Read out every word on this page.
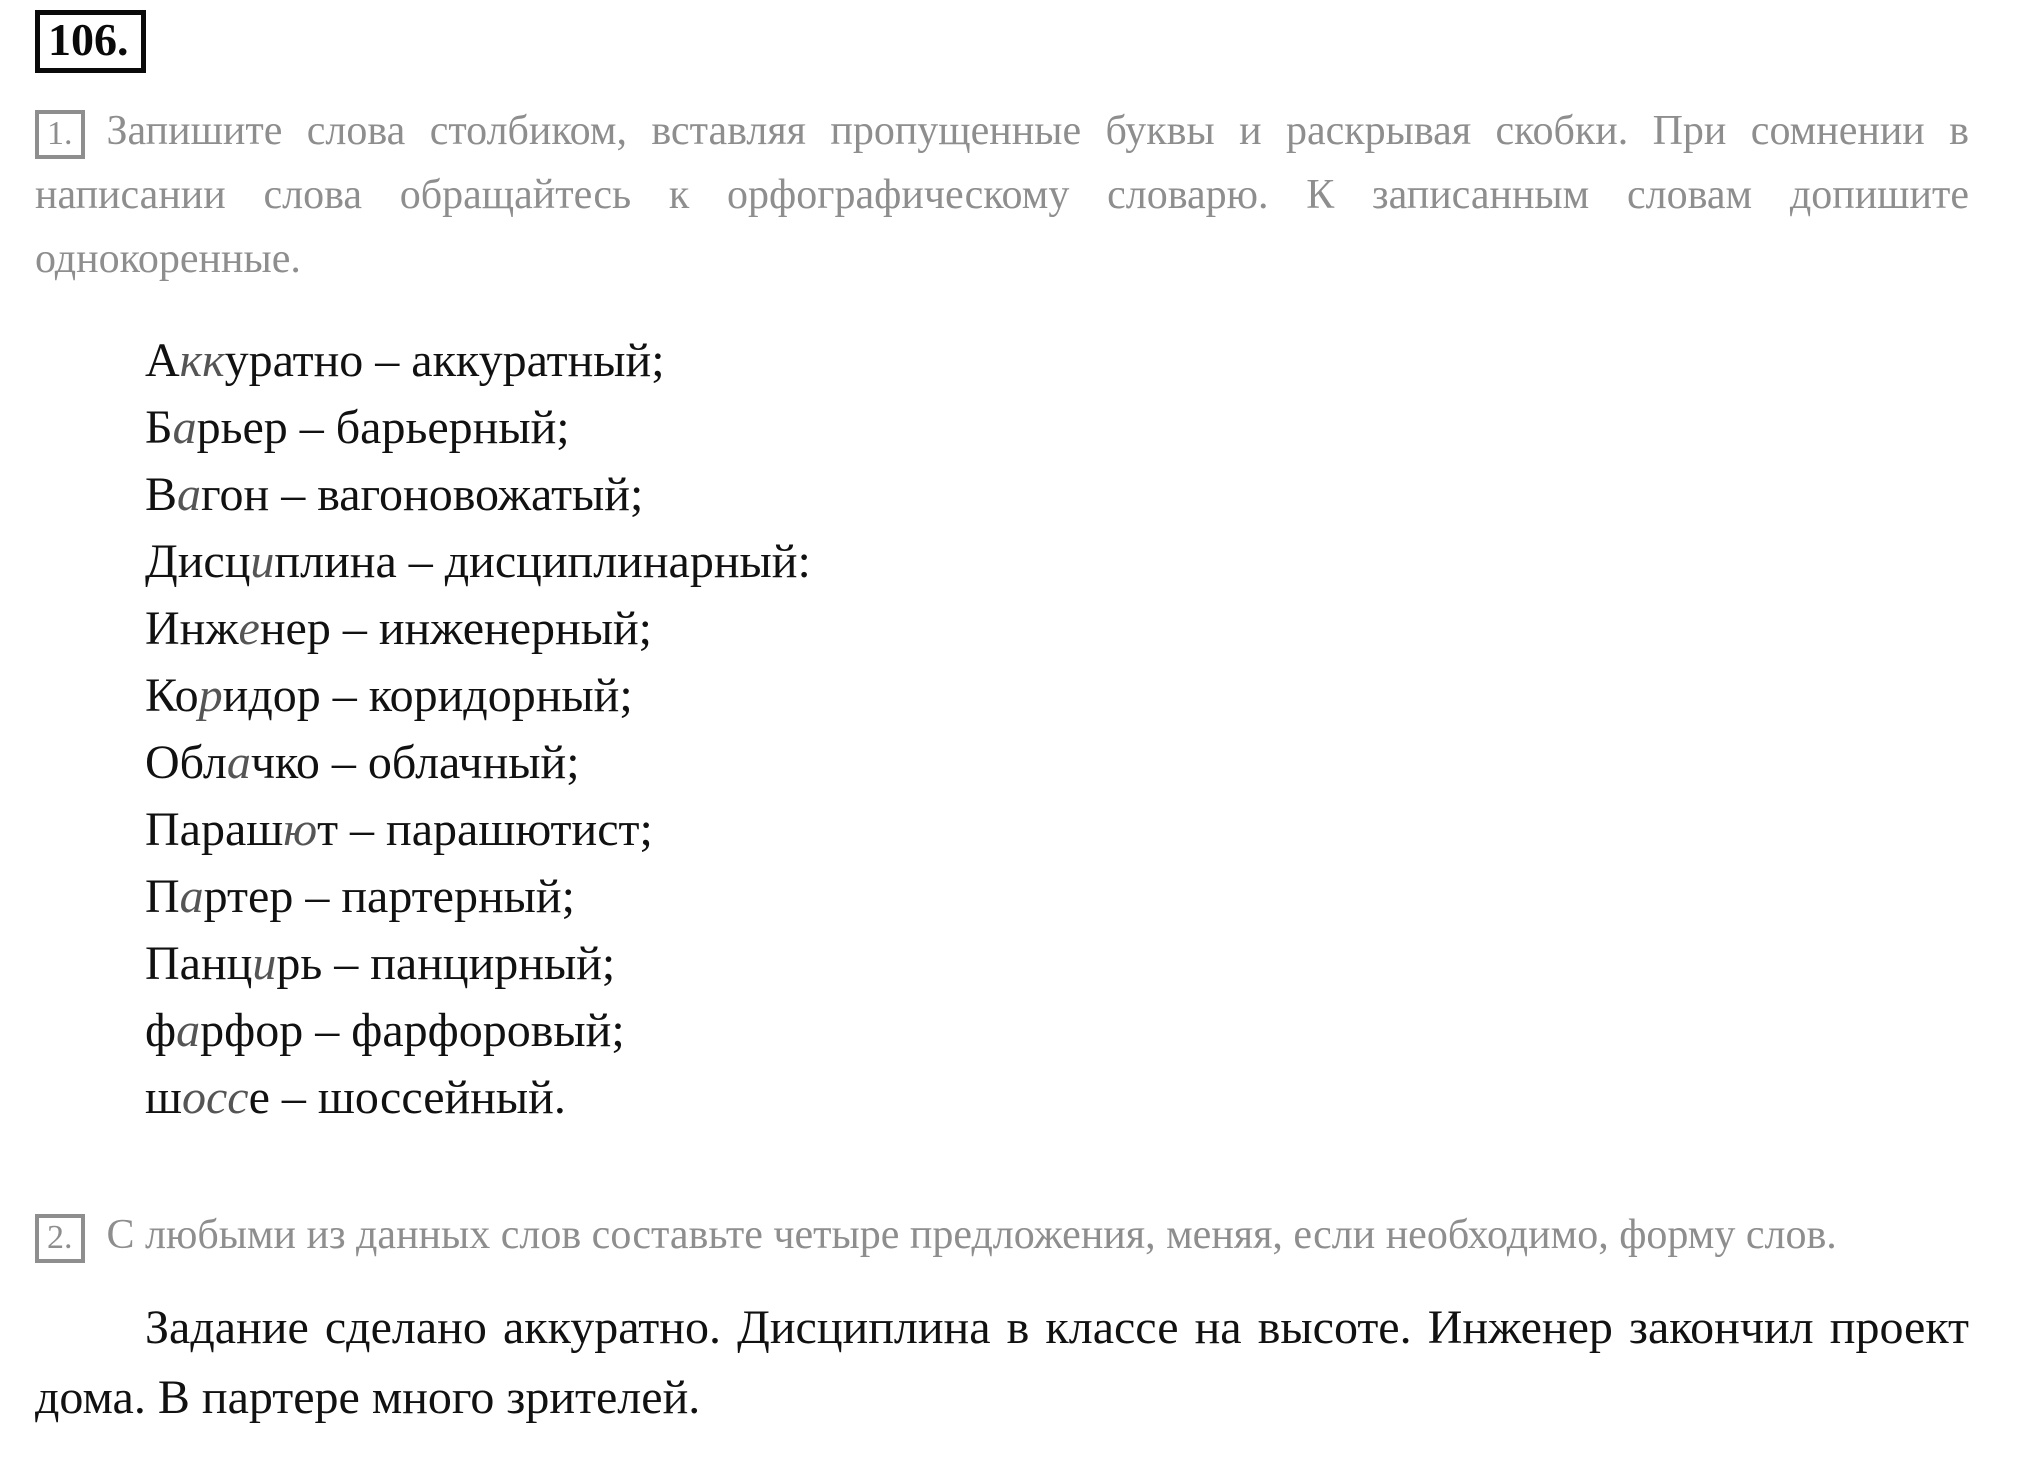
106.

1. Запишите слова столбиком, вставляя пропущенные буквы и раскрывая скобки. При сомнении в написании слова обращайтесь к орфографическому словарю. К записанным словам допишите однокоренные.

Аккуратно – аккуратный;
Барьер – барьерный;
Вагон – вагоновожатый;
Дисциплина – дисциплинарный:
Инженер – инженерный;
Коридор – коридорный;
Облачко – облачный;
Парашют – парашютист;
Партер – партерный;
Панцирь – панцирный;
фарфор – фарфоровый;
шоссе – шоссейный.

2. С любыми из данных слов составьте четыре предложения, меняя, если необходимо, форму слов.

Задание сделано аккуратно. Дисциплина в классе на высоте. Инженер закончил проект дома. В партере много зрителей.
